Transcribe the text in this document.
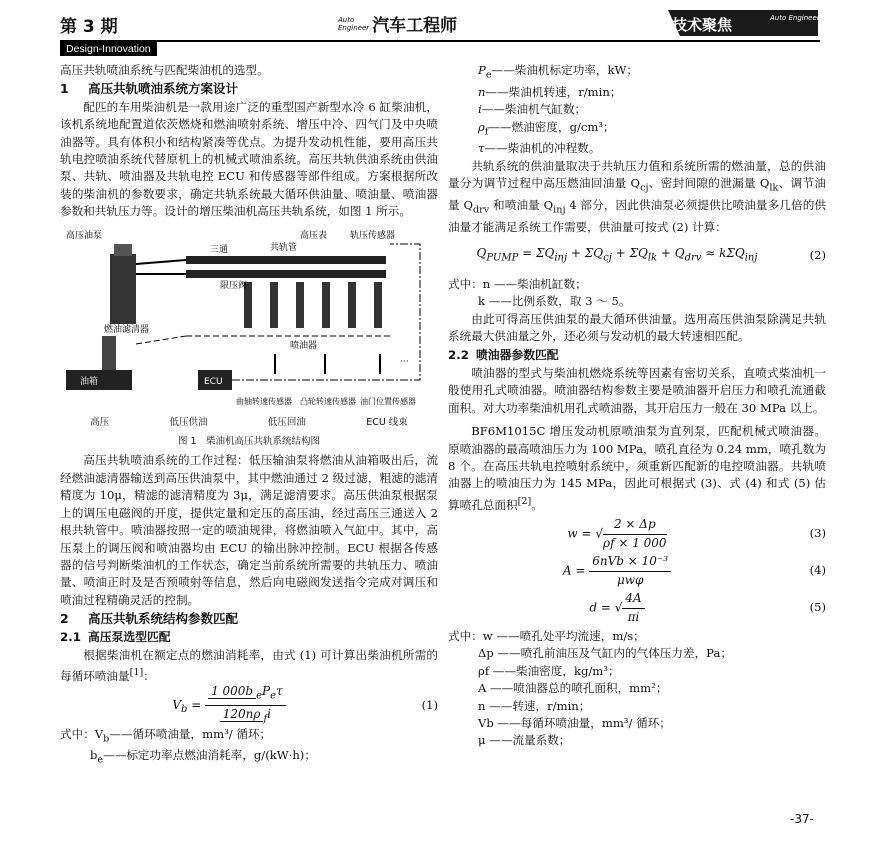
第 3 期	Auto
Engineer 汽车工程师	技术聚焦	Auto Engineer
Design-Innovation

高压共轨喷油系统与匹配柴油机的选型。

1 高压共轨喷油系统方案设计

配匹的车用柴油机是一款用途广泛的重型国产新型水冷 6 缸柴油机，该机系统地配置道依茨燃烧和燃油喷射系统、增压中冷、四气门及中央喷油器等。具有体积小和结构紧凑等优点。为提升发动机性能，要用高压共轨电控喷油系统代替原机上的机械式喷油系统。高压共轨供油系统由供油泵、共轨、喷油器及共轨电控 ECU 和传感器等部件组成。方案根据所改装的柴油机的参数要求，确定共轨系统最大循环供油量、喷油量、喷油器参数和共轨压力等。设计的增压柴油机高压共轨系统，如图 1 所示。

高压油泵
燃油滤清器
油箱	ECU
三通	共轨管
限压阀
高压表	轨压传感器
喷油器
曲轴转速传感器 凸轮转速传感器 油门位置传感器
···
高压	低压供油	低压回油	ECU 线束
图 1　柴油机高压共轨系统结构图

高压共轨喷油系统的工作过程：低压输油泵将燃油从油箱吸出后，流经燃油滤清器输送到高压供油泵中，其中燃油通过 2 级过滤，粗滤的滤清精度为 10μ，精滤的滤清精度为 3μ，满足滤清要求。高压供油泵根据泵上的调压电磁阀的开度，提供定量和定压的高压油，经过高压三通送入 2 根共轨管中。喷油器按照一定的喷油规律，将燃油喷入气缸中。其中，高压泵上的调压阀和喷油器均由 ECU 的输出脉冲控制。ECU 根据各传感器的信号判断柴油机的工作状态，确定当前系统所需要的共轨压力、喷油量、喷油正时及是否预喷射等信息，然后向电磁阀发送指令完成对调压和喷油过程精确灵活的控制。

2 高压共轨系统结构参数匹配
2.1 高压泵选型匹配

根据柴油机在额定点的燃油消耗率，由式 (1) 可计算出柴油机所需的每循环喷油量[1]：

$V_b = \frac{1 000b _eP_e\tau}{120n\rho _fi}$	(1)

式中：$V_b——$循环喷油量，mm³/ 循环；

$b_e——$标定功率点燃油消耗率，g/(kW·h)；

$P_e——$柴油机标定功率，kW；

n——柴油机转速，r/min；

i——柴油机气缸数；

$\rho_f——$燃油密度，g/cm³；

τ——柴油机的冲程数。

共轨系统的供油量取决于共轨压力值和系统所需的燃油量，总的供油量分为调节过程中高压燃油回油量 $Q_{cj}$、密封间隙的泄漏量 $Q_{lk}$、调节油量 $Q_{drv}$ 和喷油量 $Q_{inj}$ 4 部分，因此供油泵必须提供比喷油量多几倍的供油量才能满足系统工作需要，供油量可按式 (2) 计算：

$Q_{PUMP} = \Sigma Q_{inj} + \Sigma Q_{cj} + \Sigma Q_{lk} + Q_{drv} \approx k\Sigma Q_{inj}$	(2)

式中：n ——柴油机缸数；

k ——比例系数，取 3 ～ 5。

由此可得高压供油泵的最大循环供油量。选用高压供油泵除满足共轨系统最大供油量之外，还必须与发动机的最大转速相匹配。

2.2 喷油器参数匹配

喷油器的型式与柴油机燃烧系统等因素有密切关系，直喷式柴油机一般使用孔式喷油器。喷油器结构参数主要是喷油器开启压力和喷孔流通截面积。对大功率柴油机用孔式喷油器，其开启压力一般在 30 MPa 以上。

BF6M1015C 增压发动机原喷油泵为直列泵，匹配机械式喷油器。原喷油器的最高喷油压力为 100 MPa，喷孔直径为 0.24 mm，喷孔数为 8 个。在高压共轨电控喷射系统中，须重新匹配新的电控喷油器。共轨喷油器上的喷油压力为 145 MPa，因此可根据式 (3)、式 (4) 和式 (5) 估算喷孔总面积[2]。

w = √ $\frac{2 \times \Delta p}{\rho f \times 1 000}$	(3)
$A = \frac{\text{6nVb × 10⁻³}}{\text{μwφ}}$	(4)
d = √ $\frac{4A}{\pi i}$	(5)

式中：w ——喷孔处平均流速，m/s；

Δp ——喷孔前油压及气缸内的气体压力差，Pa；

ρf ——柴油密度，kg/m³；

A ——喷油器总的喷孔面积，mm²；

n ——转速，r/min；

Vb ——每循环喷油量，mm³/ 循环；

μ ——流量系数；

-37-
